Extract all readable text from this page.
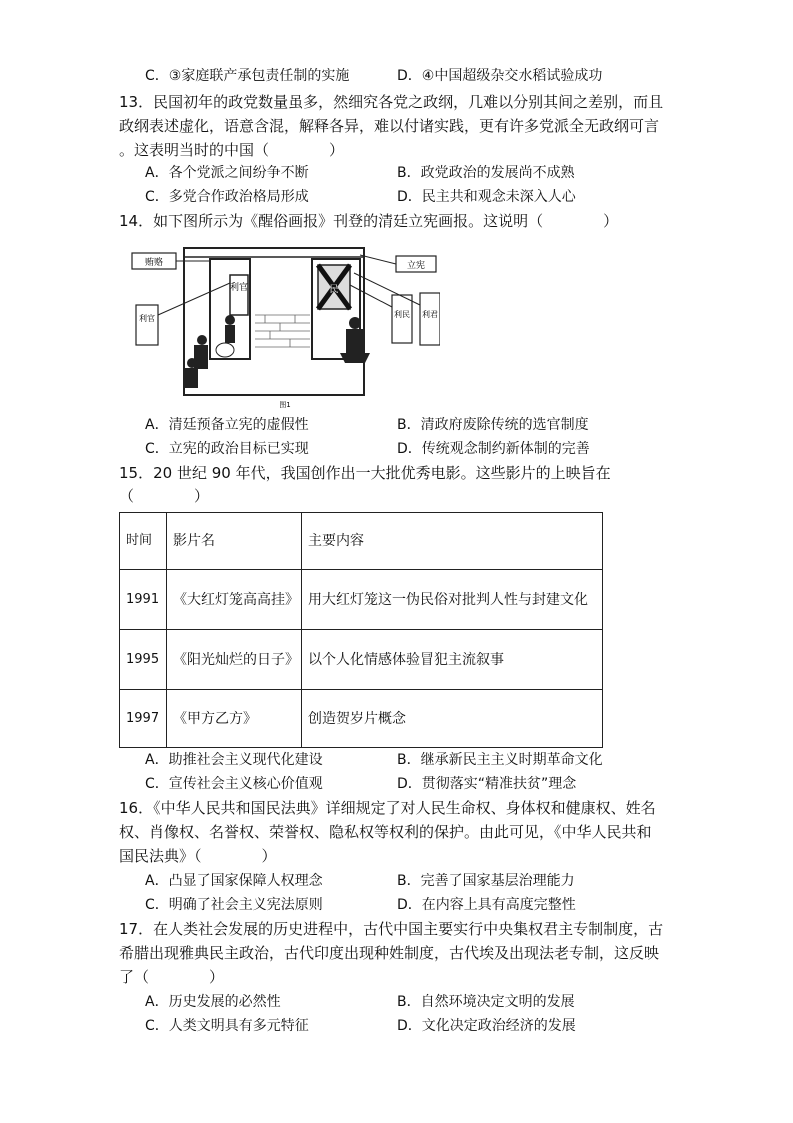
C．③家庭联产承包责任制的实施	D．④中国超级杂交水稻试验成功
13．民国初年的政党数量虽多，然细究各党之政纲，几难以分别其间之差别，而且
政纲表述虚化，语意含混，解释各异，难以付诸实践，更有许多党派全无政纲可言
。这表明当时的中国（　　　　）
A．各个党派之间纷争不断	B．政党政治的发展尚不成熟
C．多党合作政治格局形成	D．民主共和观念未深入人心
14．如下图所示为《醒俗画报》刊登的清廷立宪画报。这说明（　　　　）
利官	民
贿赂	立宪
利官	利民 利君
图1
A．清廷预备立宪的虚假性	B．清政府废除传统的选官制度
C．立宪的政治目标已实现	D．传统观念制约新体制的完善
15．20 世纪 90 年代，我国创作出一大批优秀电影。这些影片的上映旨在
（　　　　）
时间	影片名	主要内容
1991	《大红灯笼高高挂》	用大红灯笼这一伪民俗对批判人性与封建文化
1995	《阳光灿烂的日子》	以个人化情感体验冒犯主流叙事
1997	《甲方乙方》	创造贺岁片概念
A．助推社会主义现代化建设	B．继承新民主主义时期革命文化
C．宣传社会主义核心价值观	D．贯彻落实“精准扶贫”理念
16．《中华人民共和国民法典》详细规定了对人民生命权、身体权和健康权、姓名
权、肖像权、名誉权、荣誉权、隐私权等权利的保护。由此可见，《中华人民共和
国民法典》（　　　　）
A．凸显了国家保障人权理念	B．完善了国家基层治理能力
C．明确了社会主义宪法原则	D．在内容上具有高度完整性
17．在人类社会发展的历史进程中，古代中国主要实行中央集权君主专制制度，古
希腊出现雅典民主政治，古代印度出现种姓制度，古代埃及出现法老专制，这反映
了（　　　　）
A．历史发展的必然性	B．自然环境决定文明的发展
C．人类文明具有多元特征	D．文化决定政治经济的发展
